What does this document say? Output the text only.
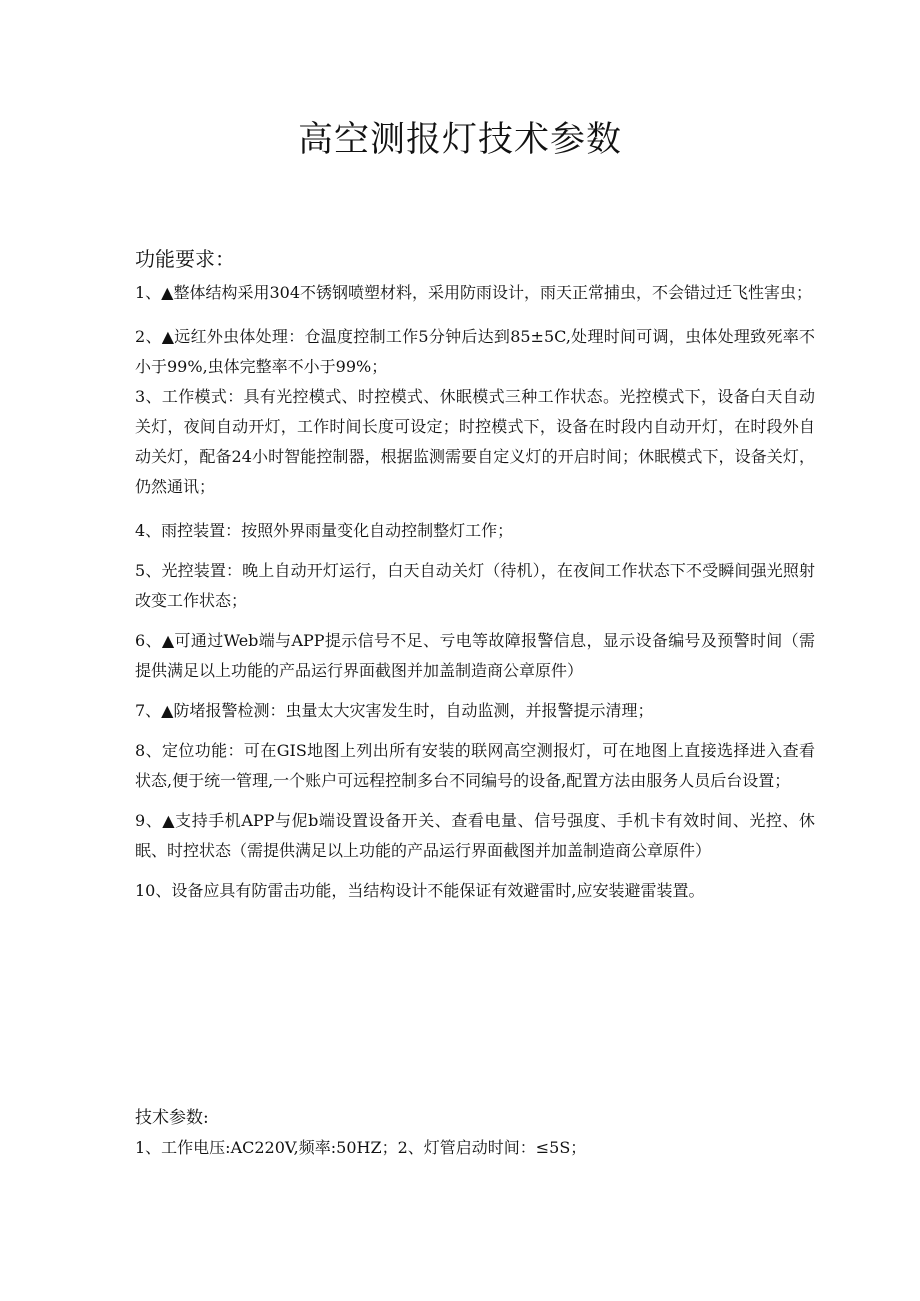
高空测报灯技术参数
功能要求：

1、▲整体结构采用304不锈钢喷塑材料，采用防雨设计，雨天正常捕虫，不会错过迁飞性害虫；

2、▲远红外虫体处理：仓温度控制工作5分钟后达到85±5C,处理时间可调，虫体处理致死率不小于99%,虫体完整率不小于99%；

3、工作模式：具有光控模式、时控模式、休眠模式三种工作状态。光控模式下，设备白天自动关灯，夜间自动开灯，工作时间长度可设定；时控模式下，设备在时段内自动开灯，在时段外自动关灯，配备24小时智能控制器，根据监测需要自定义灯的开启时间；休眠模式下，设备关灯，仍然通讯；

4、雨控装置：按照外界雨量变化自动控制整灯工作；

5、光控装置：晚上自动开灯运行，白天自动关灯（待机），在夜间工作状态下不受瞬间强光照射改变工作状态；

6、▲可通过Web端与APP提示信号不足、亏电等故障报警信息，显示设备编号及预警时间（需提供满足以上功能的产品运行界面截图并加盖制造商公章原件）

7、▲防堵报警检测：虫量太大灾害发生时，自动监测，并报警提示清理；

8、定位功能：可在GIS地图上列出所有安装的联网高空测报灯，可在地图上直接选择进入查看状态,便于统一管理,一个账户可远程控制多台不同编号的设备,配置方法由服务人员后台设置；

9、▲支持手机APP与伲b端设置设备开关、查看电量、信号强度、手机卡有效时间、光控、休眠、时控状态（需提供满足以上功能的产品运行界面截图并加盖制造商公章原件）

10、设备应具有防雷击功能，当结构设计不能保证有效避雷时,应安装避雷装置。

技术参数:

1、工作电压:AC220V,频率:50HZ；2、灯管启动时间：≤5S；
